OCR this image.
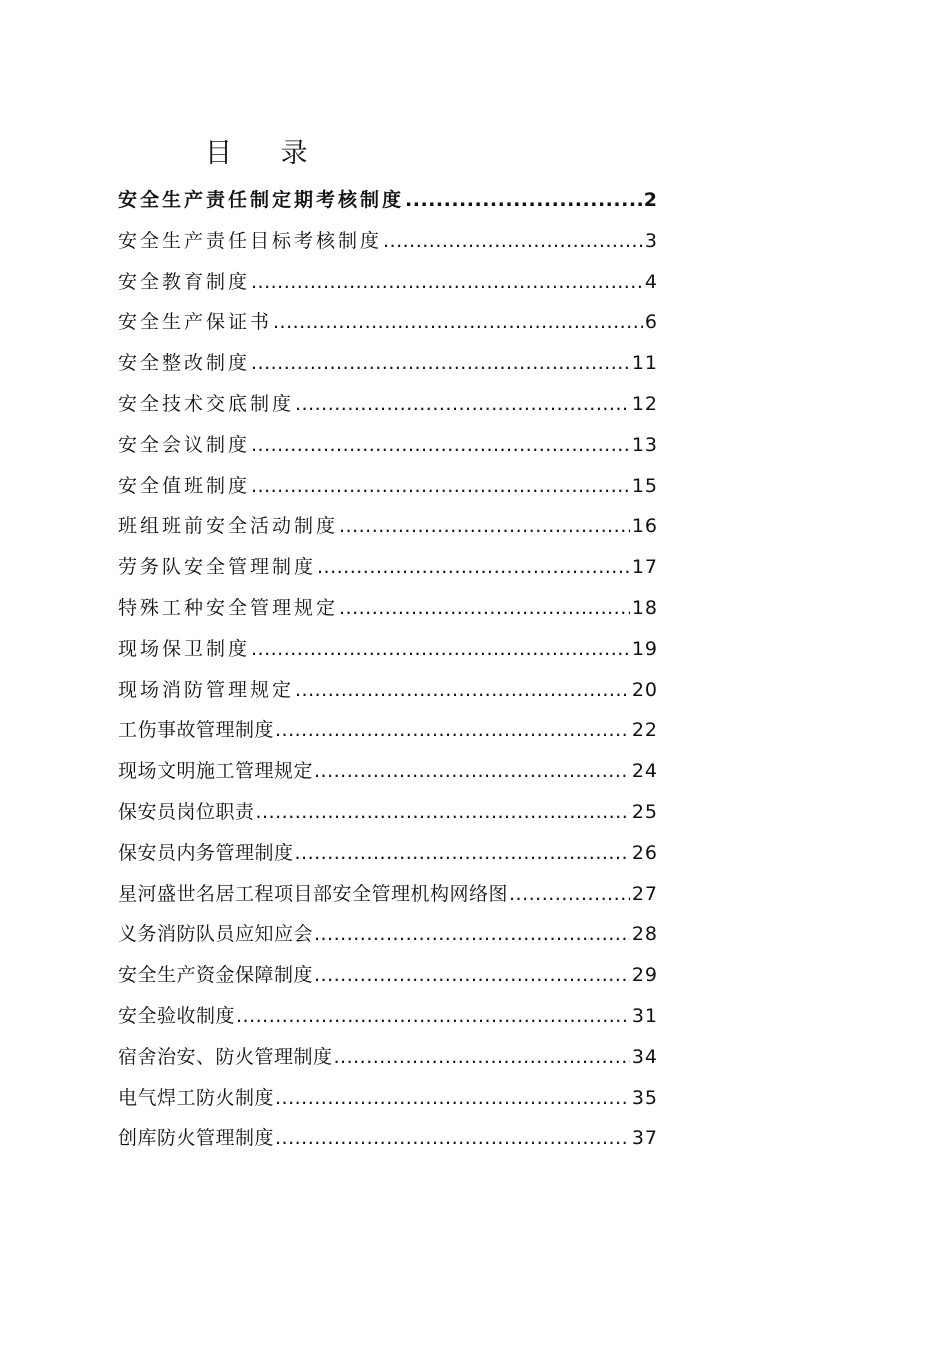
目 录
安全生产责任制定期考核制度 .....	2
安全生产责任目标考核制度 .....	3
安全教育制度 .....	4
安全生产保证书 .....	6
安全整改制度 .....	11
安全技术交底制度 .....	12
安全会议制度 .....	13
安全值班制度 .....	15
班组班前安全活动制度 .....	16
劳务队安全管理制度 .....	17
特殊工种安全管理规定 .....	18
现场保卫制度 .....	19
现场消防管理规定 .....	20
工伤事故管理制度 .....	22
现场文明施工管理规定 .....	24
保安员岗位职责 .....	25
保安员内务管理制度 .....	26
星河盛世名居工程项目部安全管理机构网络图 .....	27
义务消防队员应知应会 .....	28
安全生产资金保障制度 .....	29
安全验收制度 .....	31
宿舍治安、防火管理制度 .....	34
电气焊工防火制度 .....	35
创库防火管理制度 .....	37
